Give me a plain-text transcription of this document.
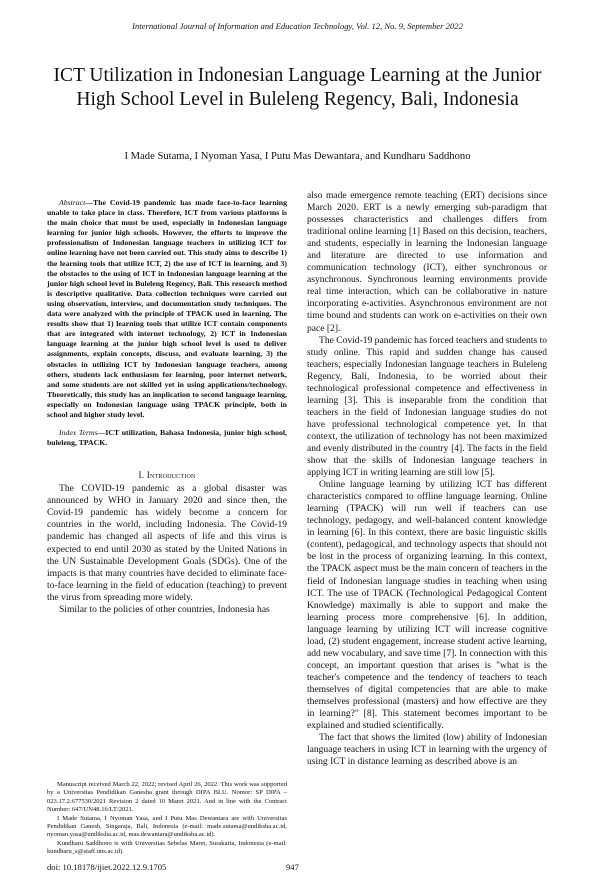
International Journal of Information and Education Technology, Vol. 12, No. 9, September 2022
ICT Utilization in Indonesian Language Learning at the Junior High School Level in Buleleng Regency, Bali, Indonesia
I Made Sutama, I Nyoman Yasa, I Putu Mas Dewantara, and Kundharu Saddhono

Abstract—The Covid-19 pandemic has made face-to-face learning unable to take place in class. Therefore, ICT from various platforms is the main choice that must be used, especially in Indonesian language learning for junior high schools. However, the efforts to improve the professionalism of Indonesian language teachers in utilizing ICT for online learning have not been carried out. This study aims to describe 1) the learning tools that utilize ICT, 2) the use of ICT in learning, and 3) the obstacles to the using of ICT in Indonesian language learning at the junior high school level in Buleleng Regency, Bali. This research method is descriptive qualitative. Data collection techniques were carried out using observation, interview, and documentation study techniques. The data were analyzed with the principle of TPACK used in learning. The results show that 1) learning tools that utilize ICT contain components that are integrated with internet technology, 2) ICT in Indonesian language learning at the junior high school level is used to deliver assignments, explain concepts, discuss, and evaluate learning, 3) the obstacles in utilizing ICT by Indonesian language teachers, among others, students lack enthusiasm for learning, poor internet network, and some students are not skilled yet in using applications/technology. Theoretically, this study has an implication to second language learning, especially on Indonesian language using TPACK principle, both in school and higher study level.

Index Terms—ICT utilization, Bahasa Indonesia, junior high school, buleleng, TPACK.

I. Introduction

The COVID-19 pandemic as a global disaster was announced by WHO in January 2020 and since then, the Covid-19 pandemic has widely become a concern for countries in the world, including Indonesia. The Covid-19 pandemic has changed all aspects of life and this virus is expected to end until 2030 as stated by the United Nations in the UN Sustainable Development Goals (SDGs). One of the impacts is that many countries have decided to eliminate face-to-face learning in the field of education (teaching) to prevent the virus from spreading more widely.

Similar to the policies of other countries, Indonesia has

also made emergence remote teaching (ERT) decisions since March 2020. ERT is a newly emerging sub-paradigm that possesses characteristics and challenges differs from traditional online learning [1] Based on this decision, teachers, and students, especially in learning the Indonesian language and literature are directed to use information and communication technology (ICT), either synchronous or asynchronous. Synchronous learning environments provide real time interaction, which can be collaborative in nature incorporating e-activities. Asynchronous environment are not time bound and students can work on e-activities on their own pace [2].

The Covid-19 pandemic has forced teachers and students to study online. This rapid and sudden change has caused teachers, especially Indonesian language teachers in Buleleng Regency, Bali, Indonesia, to be worried about their technological professional competence and effectiveness in learning [3]. This is inseparable from the condition that teachers in the field of Indonesian language studies do not have professional technological competence yet. In that context, the utilization of technology has not been maximized and evenly distributed in the country [4]. The facts in the field show that the skills of Indonesian language teachers in applying ICT in writing learning are still low [5].

Online language learning by utilizing ICT has different characteristics compared to offline language learning. Online learning (TPACK) will run well if teachers can use technology, pedagogy, and well-balanced content knowledge in learning [6]. In this context, there are basic linguistic skills (content), pedagogical, and technology aspects that should not be lost in the process of organizing learning. In this context, the TPACK aspect must be the main concern of teachers in the field of Indonesian language studies in teaching when using ICT. The use of TPACK (Technological Pedagogical Content Knowledge) maximally is able to support and make the learning process more comprehensive [6]. In addition, language learning by utilizing ICT will increase cognitive load, (2) student engagement, increase student active learning, add new vocabulary, and save time [7]. In connection with this concept, an important question that arises is "what is the teacher's competence and the tendency of teachers to teach themselves of digital competencies that are able to make themselves professional (masters) and how effective are they in learning?" [8]. This statement becomes important to be explained and studied scientifically.

The fact that shows the limited (low) ability of Indonesian language teachers in using ICT in learning with the urgency of using ICT in distance learning as described above is an

Manuscript received March 22, 2022; revised April 26, 2022. This work was supported by a Universitas Pendidikan Ganesha grant through DIPA BLU. Nomor: SP DIPA – 023.17.2.677530/2021 Revision 2 dated 10 Maret 2021. And in line with the Contract Number: 647/UN48.16/LT/2021.

I Made Sutama, I Nyoman Yasa, and I Putu Mas Dewantara are with Universitas Pendidikan Ganesh, Singaraja, Bali, Indonesia (e-mail: made.sutama@undiksha.ac.id, nyoman.yasa@undiksha.ac.id, mas.dewantara@undiksha.ac.id).

Kundharu Saddhono is with Universitas Sebelas Maret, Surakarta, Indonesia (e-mail: kundharu_s@staff.uns.ac.id).

doi: 10.18178/ijiet.2022.12.9.1705	947
